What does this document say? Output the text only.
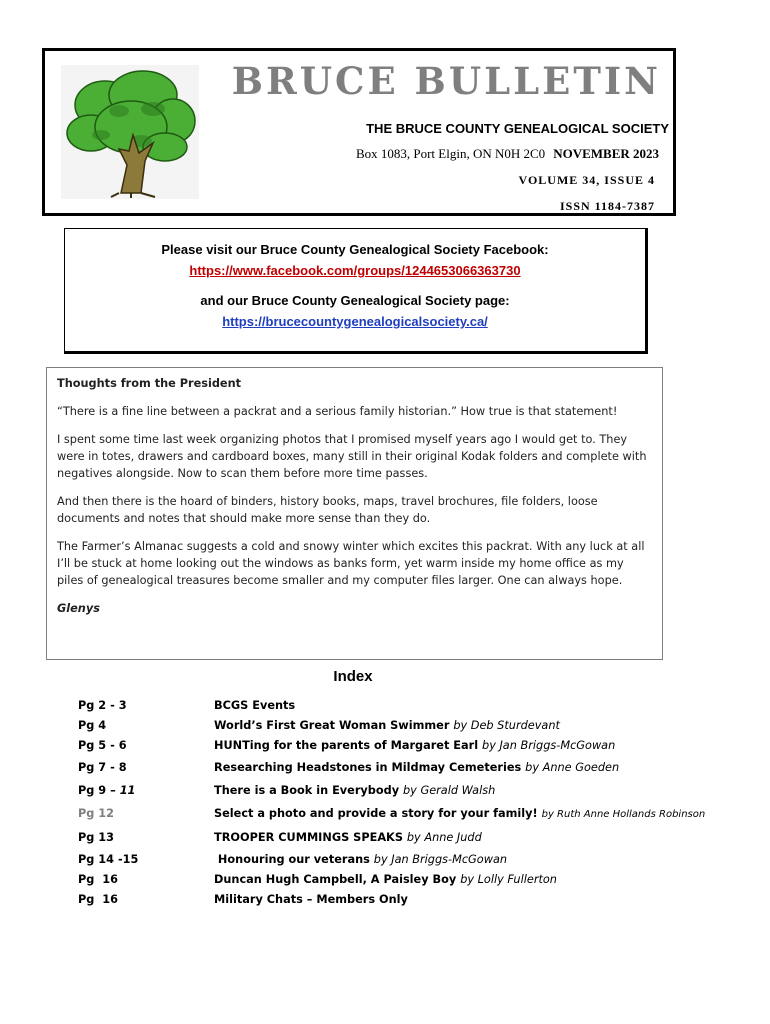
BRUCE BULLETIN
THE BRUCE COUNTY GENEALOGICAL SOCIETY
Box 1083, Port Elgin, ON N0H 2C0 NOVEMBER 2023
VOLUME 34, ISSUE 4
ISSN 1184-7387
Please visit our Bruce County Genealogical Society Facebook:
https://www.facebook.com/groups/1244653066363730
and our Bruce County Genealogical Society page:
https://brucecountygenealogicalsociety.ca/
Thoughts from the President

“There is a fine line between a packrat and a serious family historian.” How true is that statement!

I spent some time last week organizing photos that I promised myself years ago I would get to. They were in totes, drawers and cardboard boxes, many still in their original Kodak folders and complete with negatives alongside. Now to scan them before more time passes.

And then there is the hoard of binders, history books, maps, travel brochures, file folders, loose documents and notes that should make more sense than they do.

The Farmer’s Almanac suggests a cold and snowy winter which excites this packrat. With any luck at all I’ll be stuck at home looking out the windows as banks form, yet warm inside my home office as my piles of genealogical treasures become smaller and my computer files larger. One can always hope.

Glenys
Index
Pg 2 - 3	BCGS Events
Pg 4	World’s First Great Woman Swimmer by Deb Sturdevant
Pg 5 - 6	HUNTing for the parents of Margaret Earl by Jan Briggs-McGowan
Pg 7 - 8	Researching Headstones in Mildmay Cemeteries by Anne Goeden
Pg 9 – 11	There is a Book in Everybody by Gerald Walsh
Pg 12	Select a photo and provide a story for your family! by Ruth Anne Hollands Robinson
Pg 13	TROOPER CUMMINGS SPEAKS by Anne Judd
Pg 14 -15	Honouring our veterans by Jan Briggs-McGowan
Pg  16	Duncan Hugh Campbell, A Paisley Boy by Lolly Fullerton
Pg  16	Military Chats – Members Only
